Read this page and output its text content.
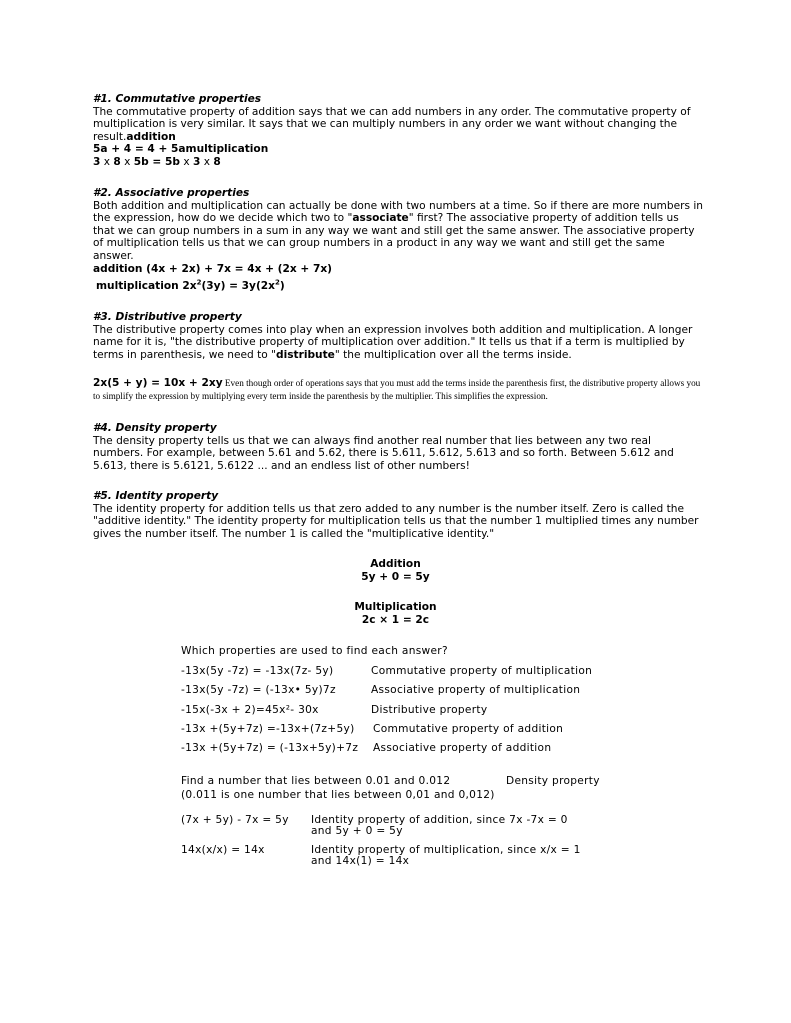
#1. Commutative properties
The commutative property of addition says that we can add numbers in any order. The commutative property of multiplication is very similar. It says that we can multiply numbers in any order we want without changing the result.addition
5a + 4 = 4 + 5amultiplication
3 x 8 x 5b = 5b x 3 x 8
#2. Associative properties
Both addition and multiplication can actually be done with two numbers at a time. So if there are more numbers in the expression, how do we decide which two to "associate" first? The associative property of addition tells us that we can group numbers in a sum in any way we want and still get the same answer. The associative property of multiplication tells us that we can group numbers in a product in any way we want and still get the same answer.
addition (4x + 2x) + 7x = 4x + (2x + 7x)
multiplication $2x^2(3y) = 3y(2x^2)$
#3. Distributive property
The distributive property comes into play when an expression involves both addition and multiplication. A longer name for it is, "the distributive property of multiplication over addition." It tells us that if a term is multiplied by terms in parenthesis, we need to "distribute" the multiplication over all the terms inside.
2x(5 + y) = 10x + 2xy Even though order of operations says that you must add the terms inside the parenthesis first, the distributive property allows you to simplify the expression by multiplying every term inside the parenthesis by the multiplier. This simplifies the expression.
#4. Density property
The density property tells us that we can always find another real number that lies between any two real numbers. For example, between 5.61 and 5.62, there is 5.611, 5.612, 5.613 and so forth. Between 5.612 and 5.613, there is 5.6121, 5.6122 ... and an endless list of other numbers!
#5. Identity property
The identity property for addition tells us that zero added to any number is the number itself. Zero is called the "additive identity." The identity property for multiplication tells us that the number 1 multiplied times any number gives the number itself. The number 1 is called the "multiplicative identity."
Addition
5y + 0 = 5y
Multiplication
2c × 1 = 2c
Which properties are used to find each answer?
-13x(5y -7z) = -13x(7z- 5y)	Commutative property of multiplication
-13x(5y -7z) = (-13x• 5y)7z	Associative property of multiplication
-15x(-3x + 2)=45x²- 30x	Distributive property
-13x +(5y+7z) =-13x+(7z+5y) Commutative property of addition
-13x +(5y+7z) = (-13x+5y)+7z Associative property of addition
Find a number that lies between 0.01 and 0.012	Density property
(0.011 is one number that lies between 0,01 and 0,012)
(7x + 5y) - 7x = 5y Identity property of addition, since 7x -7x = 0
and 5y + 0 = 5y
14x(x/x) = 14x	Identity property of multiplication, since x/x = 1
and 14x(1) = 14x
